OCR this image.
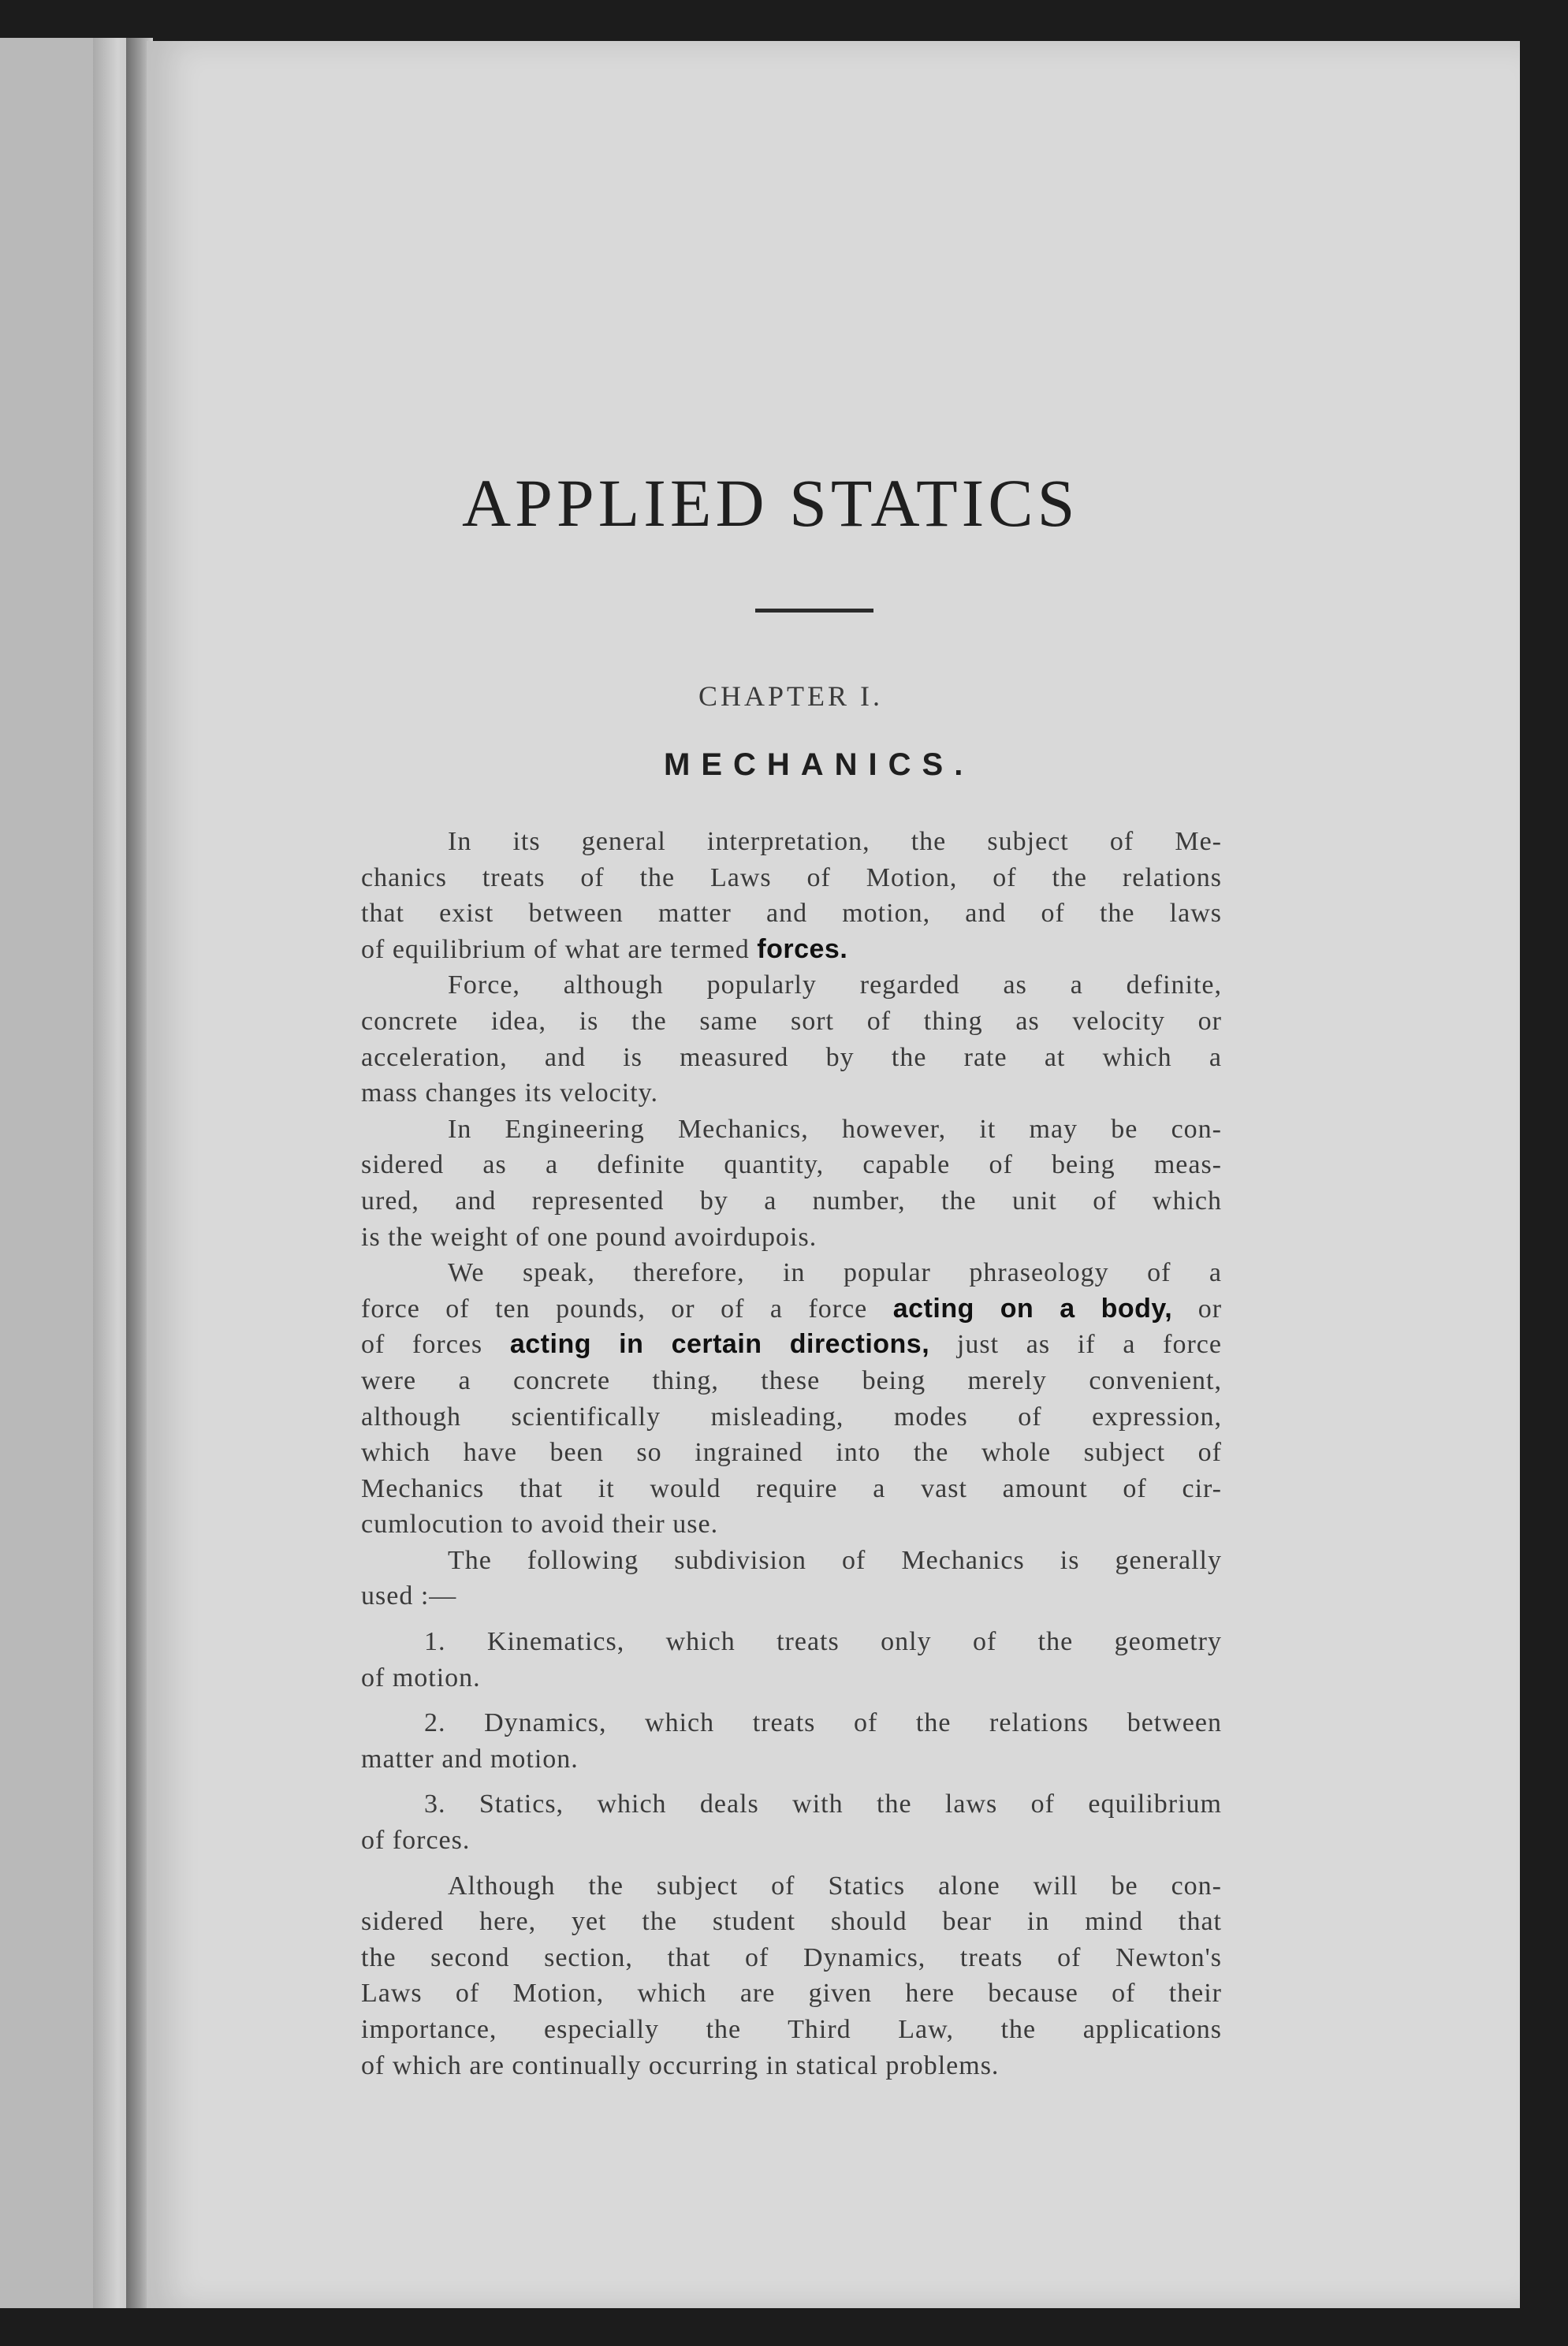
APPLIED STATICS
CHAPTER I.
MECHANICS.
In its general interpretation, the subject of Me-
chanics treats of the Laws of Motion, of the relations
that exist between matter and motion, and of the laws
of equilibrium of what are termed forces.
Force, although popularly regarded as a definite,
concrete idea, is the same sort of thing as velocity or
acceleration, and is measured by the rate at which a
mass changes its velocity.
In Engineering Mechanics, however, it may be con-
sidered as a definite quantity, capable of being meas-
ured, and represented by a number, the unit of which
is the weight of one pound avoirdupois.
We speak, therefore, in popular phraseology of a
force of ten pounds, or of a force acting on a body, or
of forces acting in certain directions, just as if a force
were a concrete thing, these being merely convenient,
although scientifically misleading, modes of expression,
which have been so ingrained into the whole subject of
Mechanics that it would require a vast amount of cir-
cumlocution to avoid their use.
The following subdivision of Mechanics is generally
used :—
1. Kinematics, which treats only of the geometry
of motion.
2. Dynamics, which treats of the relations between
matter and motion.
3. Statics, which deals with the laws of equilibrium
of forces.
Although the subject of Statics alone will be con-
sidered here, yet the student should bear in mind that
the second section, that of Dynamics, treats of Newton's
Laws of Motion, which are given here because of their
importance, especially the Third Law, the applications
of which are continually occurring in statical problems.
